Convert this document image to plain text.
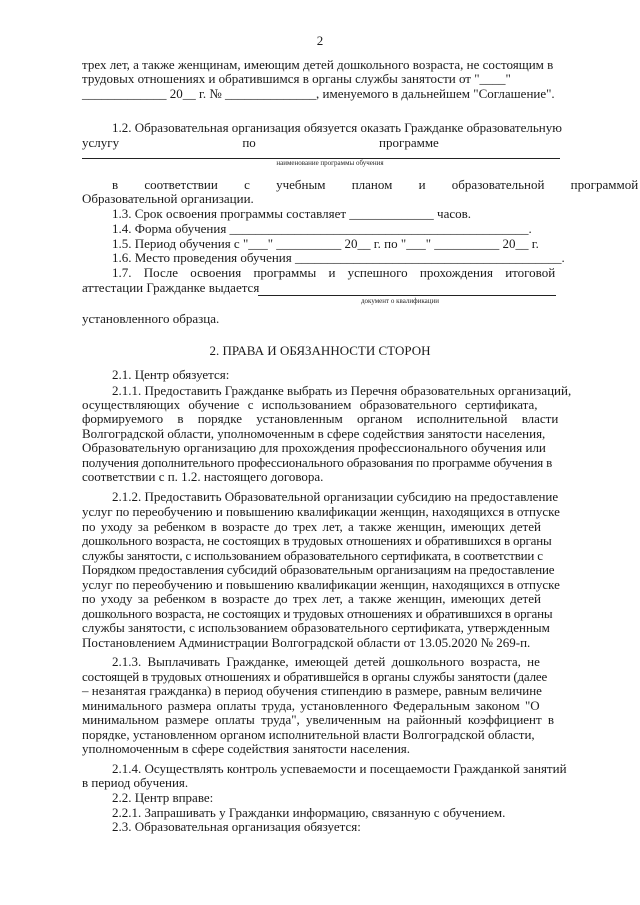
2
трех лет, а также женщинам, имеющим детей дошкольного возраста, не состоящим в
трудовых отношениях и обратившимся в органы службы занятости от "____"
_____________ 20__ г. № ______________, именуемого в дальнейшем "Соглашение".
1.2. Образовательная организация обязуется оказать Гражданке образовательную
услугу по программе
наименование программы обучения
в соответствии с учебным планом и образовательной программой
Образовательной организации.
1.3. Срок освоения программы составляет _____________ часов.
1.4. Форма обучения ______________________________________________.
1.5. Период обучения с "___" __________ 20__ г. по "___" __________ 20__ г.
1.6. Место проведения обучения _________________________________________.
1.7. После освоения программы и успешного прохождения итоговой
аттестации Гражданке выдается
документ о квалификации
установленного образца.
2. ПРАВА И ОБЯЗАННОСТИ СТОРОН
2.1. Центр обязуется:
2.1.1. Предоставить Гражданке выбрать из Перечня образовательных организаций,
осуществляющих обучение с использованием образовательного сертификата,
формируемого в порядке установленным органом исполнительной власти
Волгоградской области, уполномоченным в сфере содействия занятости населения,
Образовательную организацию для прохождения профессионального обучения или
получения дополнительного профессионального образования по программе обучения в
соответствии с п. 1.2. настоящего договора.
2.1.2. Предоставить Образовательной организации субсидию на предоставление
услуг по переобучению и повышению квалификации женщин, находящихся в отпуске
по уходу за ребенком в возрасте до трех лет, а также женщин, имеющих детей
дошкольного возраста, не состоящих в трудовых отношениях и обратившихся в органы
службы занятости, с использованием образовательного сертификата, в соответствии с
Порядком предоставления субсидий образовательным организациям на предоставление
услуг по переобучению и повышению квалификации женщин, находящихся в отпуске
по уходу за ребенком в возрасте до трех лет, а также женщин, имеющих детей
дошкольного возраста, не состоящих и трудовых отношениях и обратившихся в органы
службы занятости, с использованием образовательного сертификата, утвержденным
Постановлением Администрации Волгоградской области от 13.05.2020 № 269-п.
2.1.3. Выплачивать Гражданке, имеющей детей дошкольного возраста, не
состоящей в трудовых отношениях и обратившейся в органы службы занятости (далее
– незанятая гражданка) в период обучения стипендию в размере, равным величине
минимального размера оплаты труда, установленного Федеральным законом "О
минимальном размере оплаты труда", увеличенным на районный коэффициент в
порядке, установленном органом исполнительной власти Волгоградской области,
уполномоченным в сфере содействия занятости населения.
2.1.4. Осуществлять контроль успеваемости и посещаемости Гражданкой занятий
в период обучения.
2.2. Центр вправе:
2.2.1. Запрашивать у Гражданки информацию, связанную с обучением.
2.3. Образовательная организация обязуется:
